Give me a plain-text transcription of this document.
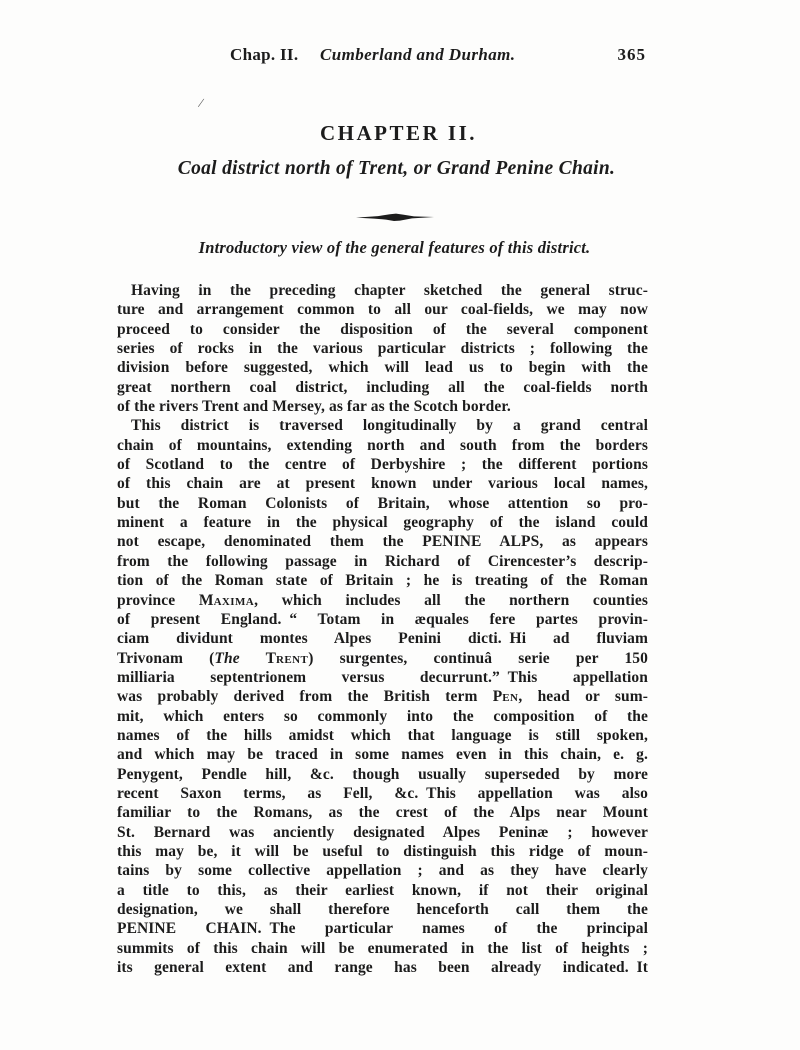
Chap. II. Cumberland and Durham.	365
/
CHAPTER II.
Coal district north of Trent, or Grand Penine Chain.
Introductory view of the general features of this district.
Having in the preceding chapter sketched the general struc-
ture and arrangement common to all our coal-fields, we may now
proceed to consider the disposition of the several component
series of rocks in the various particular districts ; following the
division before suggested, which will lead us to begin with the
great northern coal district, including all the coal-fields north
of the rivers Trent and Mersey, as far as the Scotch border.
This district is traversed longitudinally by a grand central
chain of mountains, extending north and south from the borders
of Scotland to the centre of Derbyshire ; the different portions
of this chain are at present known under various local names,
but the Roman Colonists of Britain, whose attention so pro-
minent a feature in the physical geography of the island could
not escape, denominated them the PENINE ALPS, as appears
from the following passage in Richard of Cirencester’s descrip-
tion of the Roman state of Britain ; he is treating of the Roman
province Maxima, which includes all the northern counties
of present England. “ Totam in æquales fere partes provin-
ciam dividunt montes Alpes Penini dicti. Hi ad fluviam
Trivonam (The Trent) surgentes, continuâ serie per 150
milliaria septentrionem versus decurrunt.” This appellation
was probably derived from the British term Pen, head or sum-
mit, which enters so commonly into the composition of the
names of the hills amidst which that language is still spoken,
and which may be traced in some names even in this chain, e. g.
Penygent, Pendle hill, &c. though usually superseded by more
recent Saxon terms, as Fell, &c. This appellation was also
familiar to the Romans, as the crest of the Alps near Mount
St. Bernard was anciently designated Alpes Peninæ ; however
this may be, it will be useful to distinguish this ridge of moun-
tains by some collective appellation ; and as they have clearly
a title to this, as their earliest known, if not their original
designation, we shall therefore henceforth call them the
PENINE CHAIN. The particular names of the principal
summits of this chain will be enumerated in the list of heights ;
its general extent and range has been already indicated. It
